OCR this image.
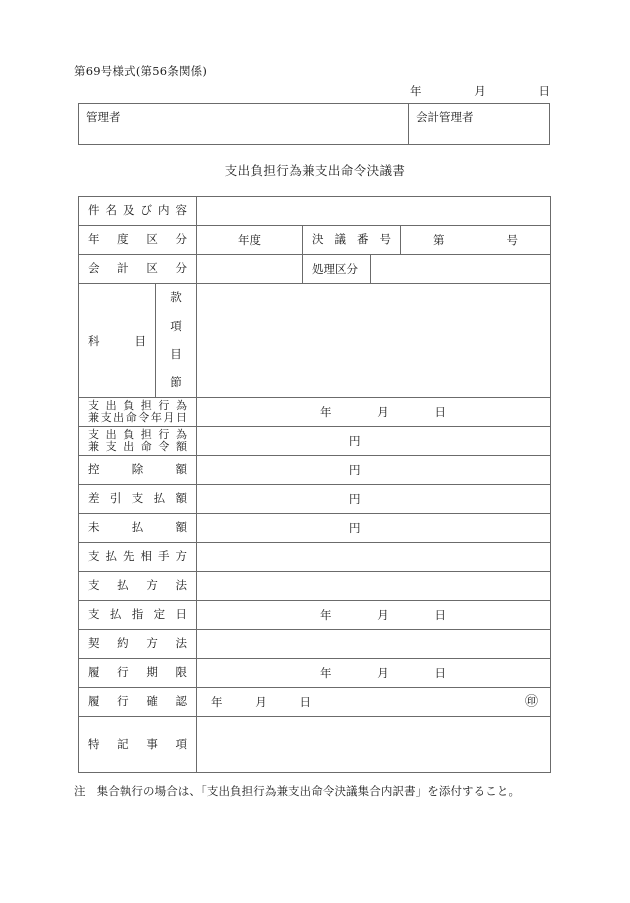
第69号様式(第56条関係)
年	月	日
管理者	会計管理者
支出負担行為兼支出命令決議書
件名及び内容					
年度区分		年度	決議番号		第 号

会計区分			処理区分		
科目	款
項
目
節				

支出負担行為
兼支出命令年月日	年	月	日

支出負担行為
兼支出命令額		円			
控除額		円			
差引支払額		円			
未払額		円			
支払先相手方					
支払方法					
支払指定日		年 月 日			

契約方法					
履行期限		年 月 日			

履行確認		年 月 日 ㊞			

特記事項					
注 集合執行の場合は、「支出負担行為兼支出命令決議集合内訳書」を添付すること。
